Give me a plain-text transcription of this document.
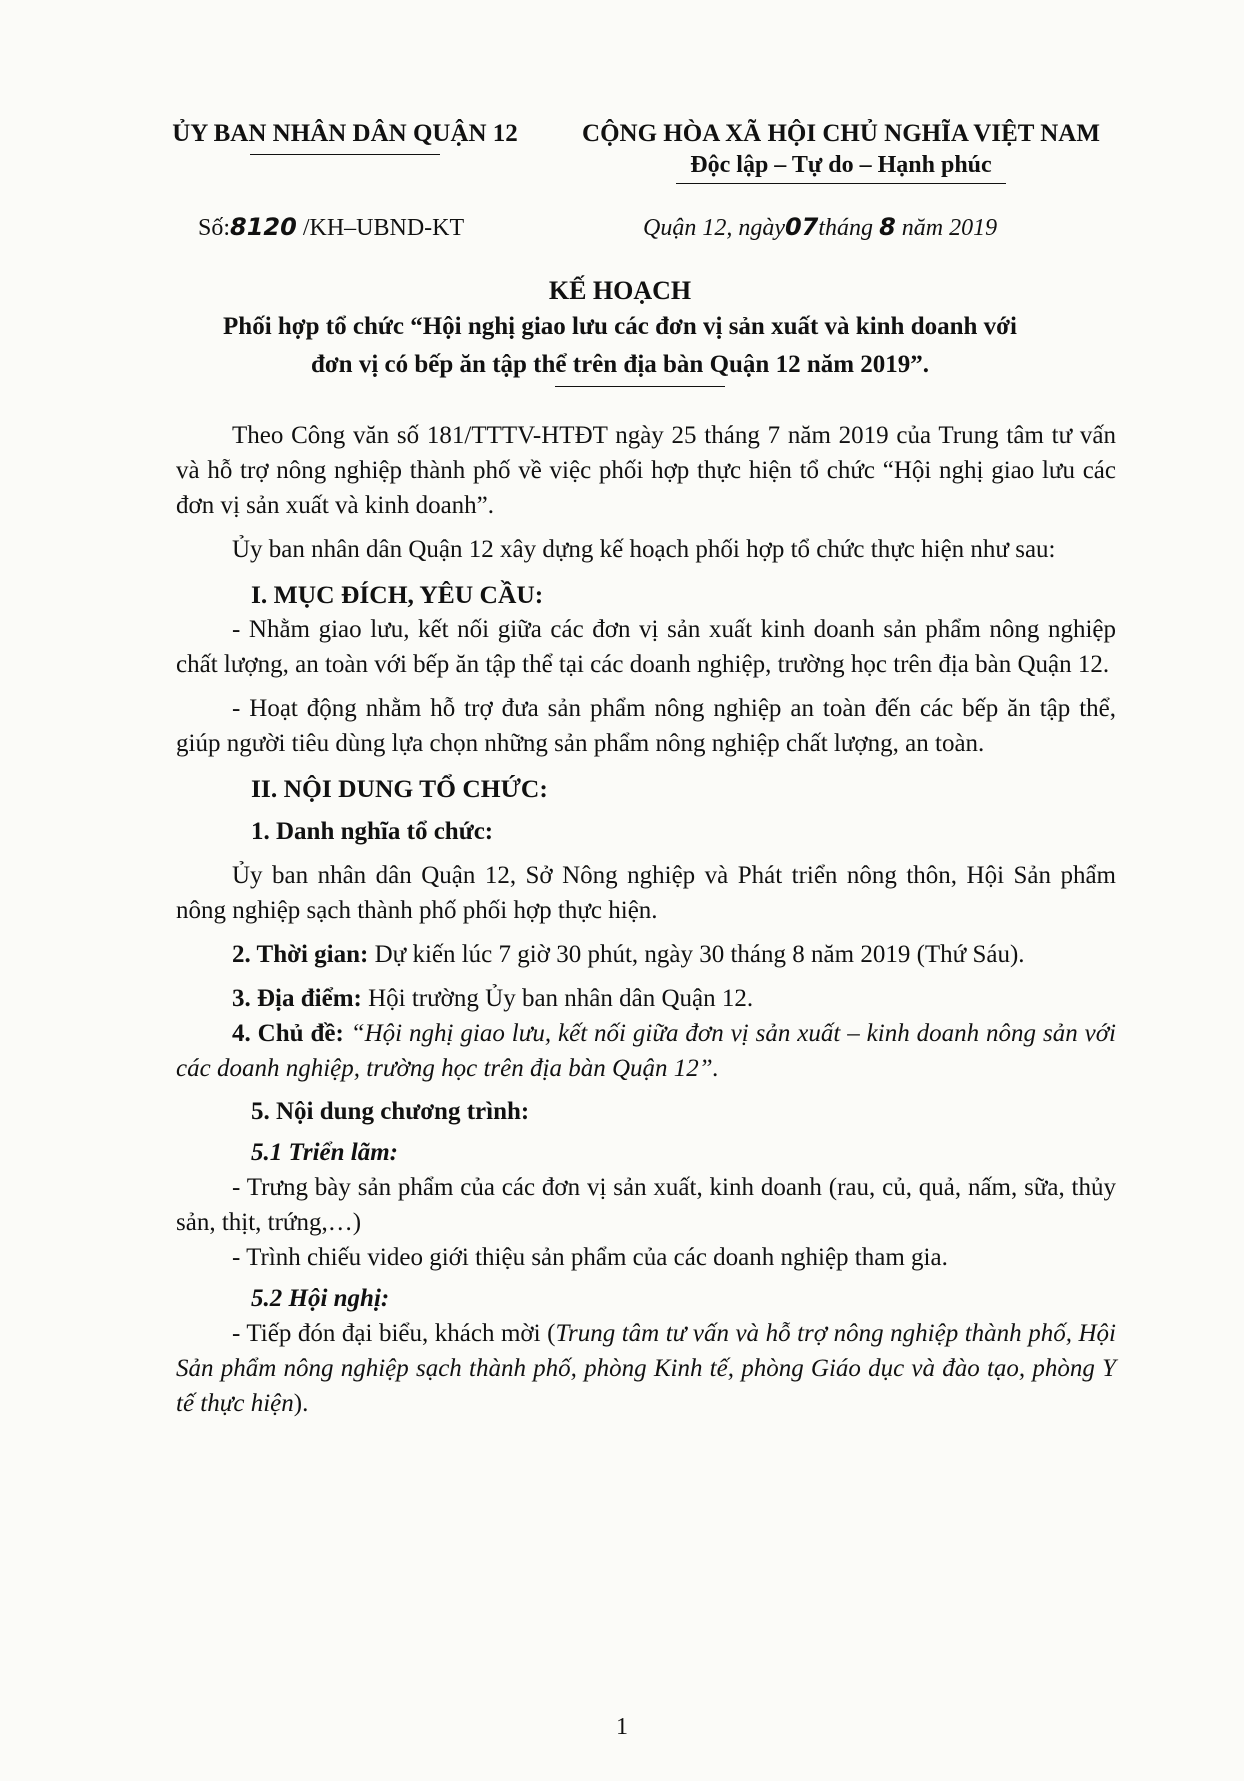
ỦY BAN NHÂN DÂN QUẬN 12	CỘNG HÒA XÃ HỘI CHỦ NGHĨA VIỆT NAM
Độc lập – Tự do – Hạnh phúc
Số:8120 /KH–UBND-KT	Quận 12, ngày07tháng 8 năm 2019
KẾ HOẠCH
Phối hợp tổ chức “Hội nghị giao lưu các đơn vị sản xuất và kinh doanh với
đơn vị có bếp ăn tập thể trên địa bàn Quận 12 năm 2019”.

Theo Công văn số 181/TTTV-HTĐT ngày 25 tháng 7 năm 2019 của Trung tâm tư vấn và hỗ trợ nông nghiệp thành phố về việc phối hợp thực hiện tổ chức “Hội nghị giao lưu các đơn vị sản xuất và kinh doanh”.

Ủy ban nhân dân Quận 12 xây dựng kế hoạch phối hợp tổ chức thực hiện như sau:

I. MỤC ĐÍCH, YÊU CẦU:

- Nhằm giao lưu, kết nối giữa các đơn vị sản xuất kinh doanh sản phẩm nông nghiệp chất lượng, an toàn với bếp ăn tập thể tại các doanh nghiệp, trường học trên địa bàn Quận 12.

- Hoạt động nhằm hỗ trợ đưa sản phẩm nông nghiệp an toàn đến các bếp ăn tập thể, giúp người tiêu dùng lựa chọn những sản phẩm nông nghiệp chất lượng, an toàn.

II. NỘI DUNG TỔ CHỨC:

1. Danh nghĩa tổ chức:

Ủy ban nhân dân Quận 12, Sở Nông nghiệp và Phát triển nông thôn, Hội Sản phẩm nông nghiệp sạch thành phố phối hợp thực hiện.

2. Thời gian: Dự kiến lúc 7 giờ 30 phút, ngày 30 tháng 8 năm 2019 (Thứ Sáu).

3. Địa điểm: Hội trường Ủy ban nhân dân Quận 12.

4. Chủ đề: “Hội nghị giao lưu, kết nối giữa đơn vị sản xuất – kinh doanh nông sản với các doanh nghiệp, trường học trên địa bàn Quận 12”.

5. Nội dung chương trình:

5.1 Triển lãm:

- Trưng bày sản phẩm của các đơn vị sản xuất, kinh doanh (rau, củ, quả, nấm, sữa, thủy sản, thịt, trứng,…)

- Trình chiếu video giới thiệu sản phẩm của các doanh nghiệp tham gia.

5.2 Hội nghị:

- Tiếp đón đại biểu, khách mời (Trung tâm tư vấn và hỗ trợ nông nghiệp thành phố, Hội Sản phẩm nông nghiệp sạch thành phố, phòng Kinh tế, phòng Giáo dục và đào tạo, phòng Y tế thực hiện).

1
